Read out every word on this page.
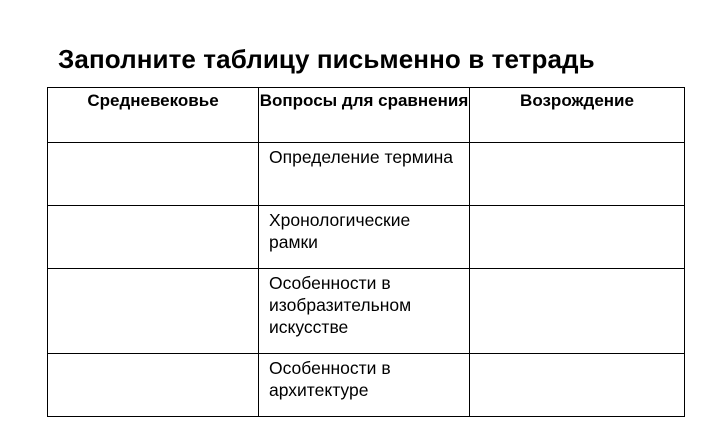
Заполните таблицу письменно в тетрадь
Средневековье	Вопросы для сравнения	Возрождение
	Определение термина	
	Хронологические рамки	
	Особенности в изобразительном искусстве	
	Особенности в архитектуре	
